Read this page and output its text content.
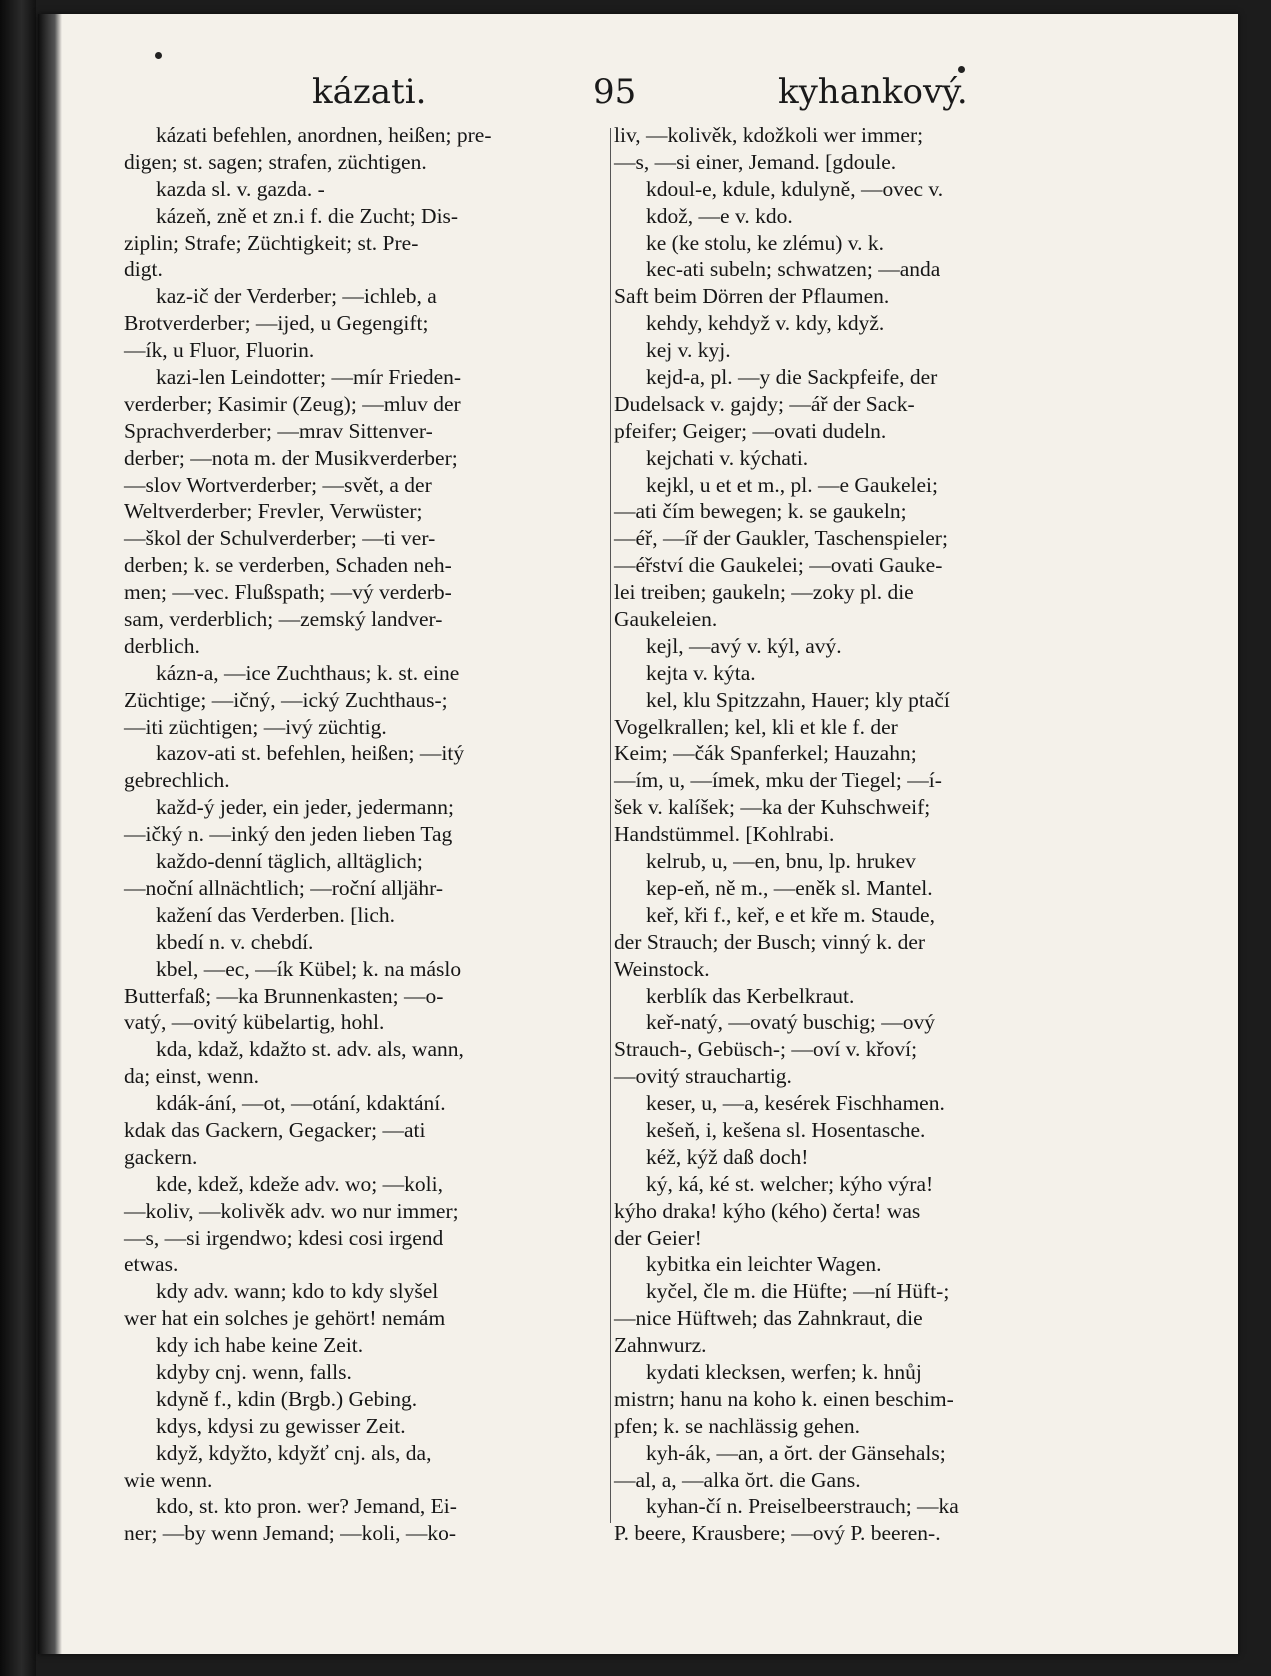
kázati.	95	kyhankový.
kázati befehlen, anordnen, heißen; pre-
digen; st. sagen; strafen, züchtigen.
kazda sl. v. gazda. -
kázeň, zně et zn.i f. die Zucht; Dis-
ziplin; Strafe; Züchtigkeit; st. Pre-
digt.
kaz-ič der Verderber; —ichleb, a
Brotverderber; —ijed, u Gegengift;
—ík, u Fluor, Fluorin.
kazi-len Leindotter; —mír Frieden-
verderber; Kasimir (Zeug); —mluv der
Sprachverderber; —mrav Sittenver-
derber; —nota m. der Musikverderber;
—slov Wortverderber; —svět, a der
Weltverderber; Frevler, Verwüster;
—škol der Schulverderber; —ti ver-
derben; k. se verderben, Schaden neh-
men; —vec. Flußspath; —vý verderb-
sam, verderblich; —zemský landver-
derblich.
kázn-a, —ice Zuchthaus; k. st. eine
Züchtige; —ičný, —ický Zuchthaus-;
—iti züchtigen; —ivý züchtig.
kazov-ati st. befehlen, heißen; —itý
gebrechlich.
každ-ý jeder, ein jeder, jedermann;
—ičký n. —inký den jeden lieben Tag
každo-denní täglich, alltäglich;
—noční allnächtlich; —roční alljähr-
kažení das Verderben. [lich.
kbedí n. v. chebdí.
kbel, —ec, —ík Kübel; k. na máslo
Butterfaß; —ka Brunnenkasten; —o-
vatý, —ovitý kübelartig, hohl.
kda, kdaž, kdažto st. adv. als, wann,
da; einst, wenn.
kdák-ání, —ot, —otání, kdaktání.
kdak das Gackern, Gegacker; —ati
gackern.
kde, kdež, kdeže adv. wo; —koli,
—koliv, —kolivěk adv. wo nur immer;
—s, —si irgendwo; kdesi cosi irgend
etwas.
kdy adv. wann; kdo to kdy slyšel
wer hat ein solches je gehört! nemám
kdy ich habe keine Zeit.
kdyby cnj. wenn, falls.
kdyně f., kdin (Brgb.) Gebing.
kdys, kdysi zu gewisser Zeit.
když, kdyžto, kdyžť cnj. als, da,
wie wenn.
kdo, st. kto pron. wer? Jemand, Ei-
ner; —by wenn Jemand; —koli, —ko-
liv, —kolivěk, kdožkoli wer immer;
—s, —si einer, Jemand. [gdoule.
kdoul-e, kdule, kdulyně, —ovec v.
kdož, —e v. kdo.
ke (ke stolu, ke zlému) v. k.
kec-ati subeln; schwatzen; —anda
Saft beim Dörren der Pflaumen.
kehdy, kehdyž v. kdy, když.
kej v. kyj.
kejd-a, pl. —y die Sackpfeife, der
Dudelsack v. gajdy; —ář der Sack-
pfeifer; Geiger; —ovati dudeln.
kejchati v. kýchati.
kejkl, u et et m., pl. —e Gaukelei;
—ati čím bewegen; k. se gaukeln;
—éř, —íř der Gaukler, Taschenspieler;
—éřství die Gaukelei; —ovati Gauke-
lei treiben; gaukeln; —zoky pl. die
Gaukeleien.
kejl, —avý v. kýl, avý.
kejta v. kýta.
kel, klu Spitzzahn, Hauer; kly ptačí
Vogelkrallen; kel, kli et kle f. der
Keim; —čák Spanferkel; Hauzahn;
—ím, u, —ímek, mku der Tiegel; —í-
šek v. kalíšek; —ka der Kuhschweif;
Handstümmel. [Kohlrabi.
kelrub, u, —en, bnu, lp. hrukev
kep-eň, ně m., —eněk sl. Mantel.
keř, kři f., keř, e et kře m. Staude,
der Strauch; der Busch; vinný k. der
Weinstock.
kerblík das Kerbelkraut.
keř-natý, —ovatý buschig; —ový
Strauch-, Gebüsch-; —oví v. křoví;
—ovitý strauchartig.
keser, u, —a, kesérek Fischhamen.
kešeň, i, kešena sl. Hosentasche.
kéž, kýž daß doch!
ký, ká, ké st. welcher; kýho výra!
kýho draka! kýho (kého) čerta! was
der Geier!
kybitka ein leichter Wagen.
kyčel, čle m. die Hüfte; —ní Hüft-;
—nice Hüftweh; das Zahnkraut, die
Zahnwurz.
kydati klecksen, werfen; k. hnůj
mistrn; hanu na koho k. einen beschim-
pfen; k. se nachlässig gehen.
kyh-ák, —an, a ŏrt. der Gänsehals;
—al, a, —alka ŏrt. die Gans.
kyhan-čí n. Preiselbeerstrauch; —ka
P. beere, Krausbere; —ový P. beeren-.
